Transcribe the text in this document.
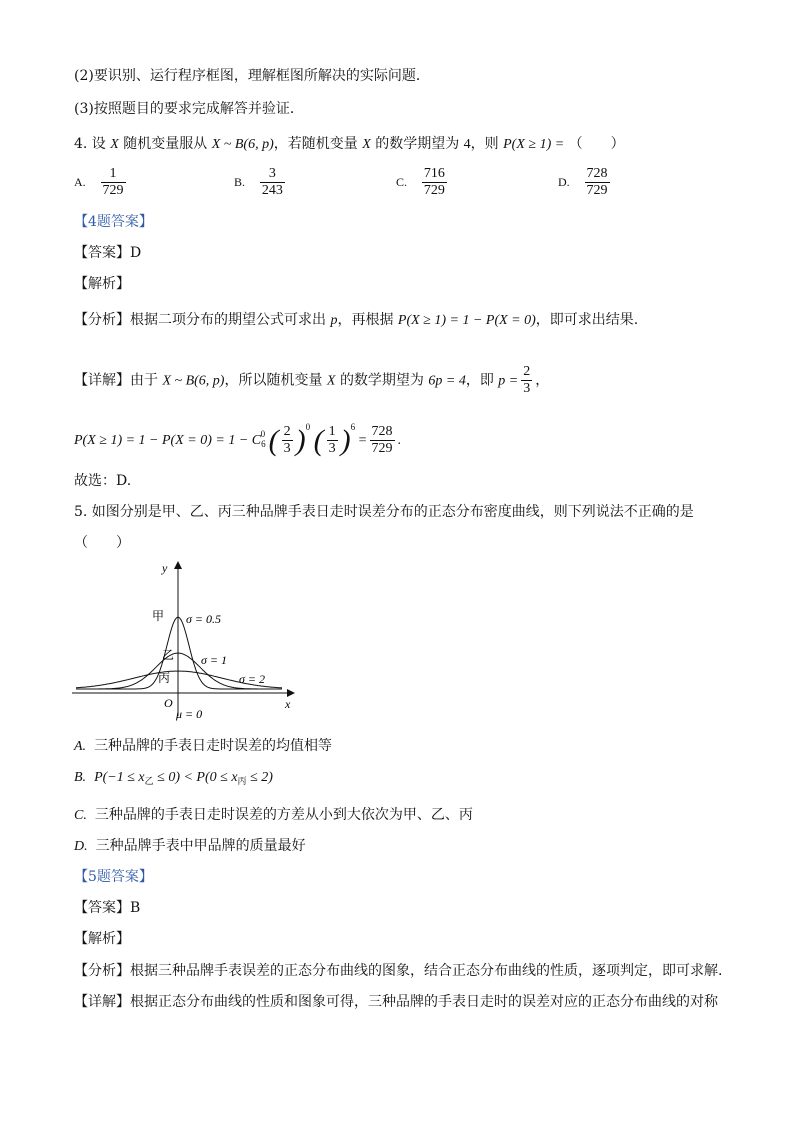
(2)要识别、运行程序框图，理解框图所解决的实际问题．
(3)按照题目的要求完成解答并验证．
4. 设 X 随机变量服从 X ~ B(6, p)，若随机变量 X 的数学期望为 4，则 P(X ≥ 1) = （　　）
A. $\frac{1}{729}$	B. $\frac{3}{243}$	C. $\frac{716}{729}$	D. $\frac{728}{729}$
【4题答案】
【答案】D
【解析】
【分析】根据二项分布的期望公式可求出 p，再根据 P(X ≥ 1) = 1 − P(X = 0)，即可求出结果.
【详解】由于 X ~ B(6, p)，所以随机变量 X 的数学期望为 6p = 4，即 $p = \frac{2}{3}$ ，
$P(X \ge 1) = 1 - P(X = 0) = 1 - C_6^0$ ( $\frac{2}{3} )^0$ ( $\frac{1}{3} )^6 = \frac{728}{729}$ .
故选：D.
5. 如图分别是甲、乙、丙三种品牌手表日走时误差分布的正态分布密度曲线，则下列说法不正确的是
（　　）
y
x
O
μ = 0
甲
乙
丙
σ = 0.5
σ = 1
σ = 2
A. 三种品牌的手表日走时误差的均值相等
B. $P(-1 \le x_乙 \le 0) < P(0 \le x_丙 \le 2)$
C. 三种品牌的手表日走时误差的方差从小到大依次为甲、乙、丙
D. 三种品牌手表中甲品牌的质量最好
【5题答案】
【答案】B
【解析】
【分析】根据三种品牌手表误差的正态分布曲线的图象，结合正态分布曲线的性质，逐项判定，即可求解.
【详解】根据正态分布曲线的性质和图象可得，三种品牌的手表日走时的误差对应的正态分布曲线的对称
